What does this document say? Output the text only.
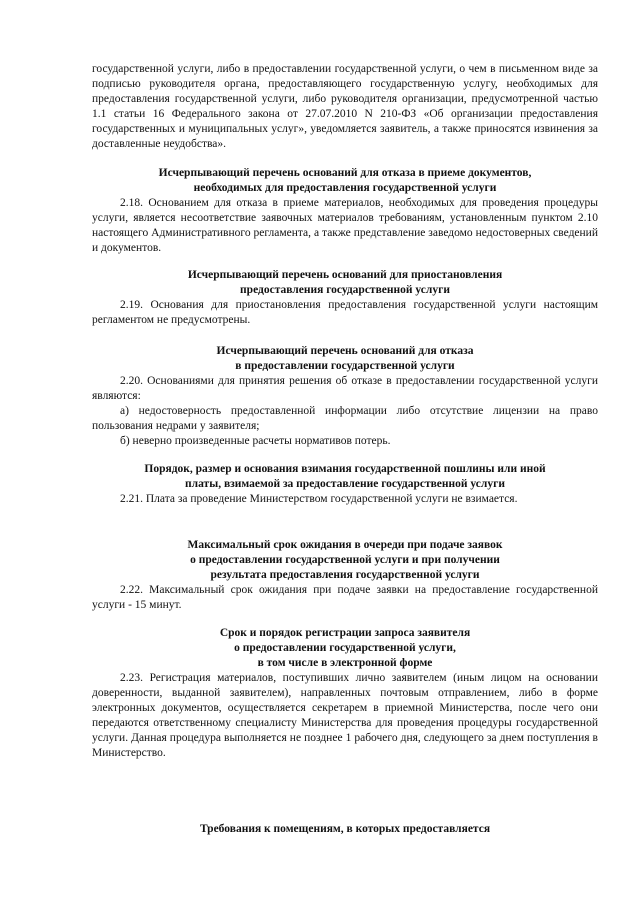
государственной услуги, либо в предоставлении государственной услуги, о чем в письменном виде за подписью руководителя органа, предоставляющего государственную услугу, необходимых для предоставления государственной услуги, либо руководителя организации, предусмотренной частью 1.1 статьи 16 Федерального закона от 27.07.2010 N 210-ФЗ «Об организации предоставления государственных и муниципальных услуг», уведомляется заявитель, а также приносятся извинения за доставленные неудобства».

Исчерпывающий перечень оснований для отказа в приеме документов,
необходимых для предоставления государственной услуги

2.18. Основанием для отказа в приеме материалов, необходимых для проведения процедуры услуги, является несоответствие заявочных материалов требованиям, установленным пунктом 2.10 настоящего Административного регламента, а также представление заведомо недостоверных сведений и документов.

Исчерпывающий перечень оснований для приостановления
предоставления государственной услуги

2.19. Основания для приостановления предоставления государственной услуги настоящим регламентом не предусмотрены.

Исчерпывающий перечень оснований для отказа
в предоставлении государственной услуги

2.20. Основаниями для принятия решения об отказе в предоставлении государственной услуги являются:

а) недостоверность предоставленной информации либо отсутствие лицензии на право пользования недрами у заявителя;

б) неверно произведенные расчеты нормативов потерь.

Порядок, размер и основания взимания государственной пошлины или иной
платы, взимаемой за предоставление государственной услуги

2.21. Плата за проведение Министерством государственной услуги не взимается.

Максимальный срок ожидания в очереди при подаче заявок
о предоставлении государственной услуги и при получении
результата предоставления государственной услуги

2.22. Максимальный срок ожидания при подаче заявки на предоставление государственной услуги - 15 минут.

Срок и порядок регистрации запроса заявителя
о предоставлении государственной услуги,
в том числе в электронной форме

2.23. Регистрация материалов, поступивших лично заявителем (иным лицом на основании доверенности, выданной заявителем), направленных почтовым отправлением, либо в форме электронных документов, осуществляется секретарем в приемной Министерства, после чего они передаются ответственному специалисту Министерства для проведения процедуры государственной услуги. Данная процедура выполняется не позднее 1 рабочего дня, следующего за днем поступления в Министерство.

Требования к помещениям, в которых предоставляется
